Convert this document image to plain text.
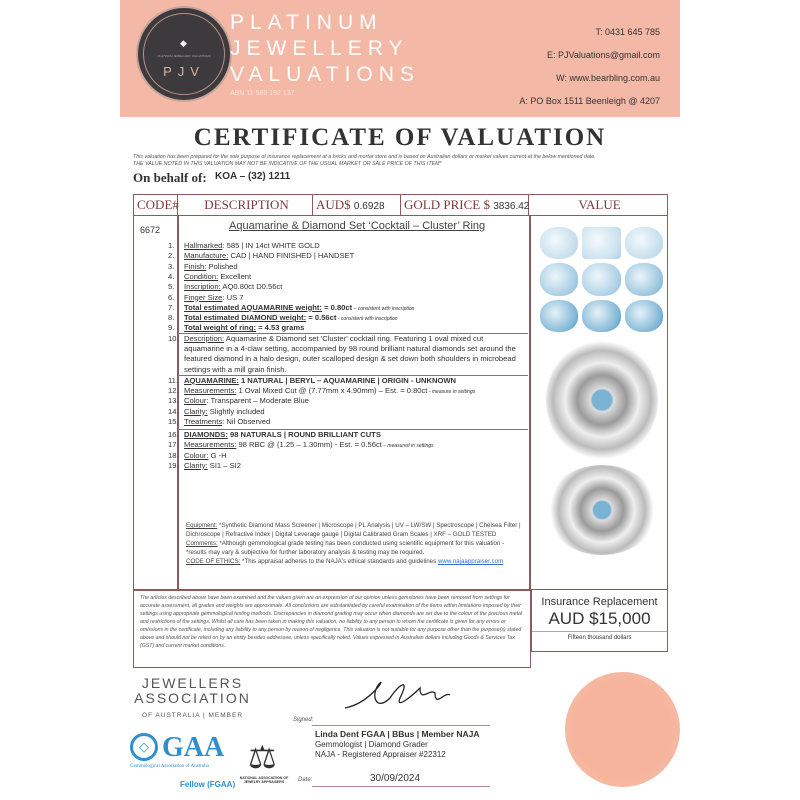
◆
PLATINUM JEWELLERY VALUATIONS
PJV
PLATINUM
JEWELLERY
VALUATIONS
ABN 11 588 192 137
T: 0431 645 785
E: PJValuations@gmail.com
W: www.bearbling.com.au
A: PO Box 1511 Beenleigh @ 4207
CERTIFICATE OF VALUATION
This valuation has been prepared for the sole purpose of insurance replacement at a bricks and mortar store and is based on Australian dollars or market values current at the below mentioned date.
THE VALUE NOTED IN THIS VALUATION MAY NOT BE INDICATIVE OF THE USUAL MARKET OR SALE PRICE OF THIS ITEM*
On behalf of: KOA – (32) 1211
CODE#	DESCRIPTION	AUD$ 0.6928	GOLD PRICE $ 3836.42	VALUE
6672	Aquamarine & Diamond Set ‘Cocktail – Cluster’ Ring
1. Hallmarked: 585 | IN 14ct WHITE GOLD
2. Manufacture: CAD | HAND FINISHED | HANDSET
3. Finish: Polished
4. Condition: Excellent
5. Inscription: AQ0.80ct D0.56ct
6. Finger Size: US 7
7. Total estimated AQUAMARINE weight: = 0.80ct – consistent with inscription
8. Total estimated DIAMOND weight: = 0.56ct - consistent with inscription
9. Total weight of ring: = 4.53 grams
10. Description: Aquamarine & Diamond set 'Cluster' cocktail ring. Featuring 1 oval mixed cut aquamarine in a 4-claw setting, accompanied by 98 round brilliant natural diamonds set around the featured diamond in a halo design, outer scalloped design & set down both shoulders in microbead settings with a mill grain finish.
11. AQUAMARINE: 1 NATURAL | BERYL – AQUAMARINE | ORIGIN - UNKNOWN
12. Measurements: 1 Oval Mixed Cut @ (7.77mm x 4.90mm) – Est. = 0.80ct - measure in settings
13. Colour: Transparent – Moderate Blue
14. Clarity: Slightly included
15. Treatments: Nil Observed
16. DIAMONDS: 98 NATURALS | ROUND BRILLIANT CUTS
17. Measurements: 98 RBC @ (1.25 – 1.30mm) - Est. = 0.56ct – measured in settings
18. Colour: G -H
19. Clarity: SI1 – SI2
Equipment: *Synthetic Diamond Mass Screener | Microscope | PL Analysis | UV – LW/SW | Spectroscope | Chelsea Filter | Dichroscope | Refractive Index | Digital Leverage gauge | Digital Calibrated Gram Scales | XRF – GOLD TESTED
Comments: *Although gemmological grade testing has been conducted using scientific equipment for this valuation - *results may vary & subjective for further laboratory analysis & testing may be required.
CODE OF ETHICS: *This appraisal adheres to the NAJA's ethical standards and guidelines www.najaappraiser.com
The articles described above have been examined and the values given are an expression of our opinion unless gemstones have been removed from settings for accurate assessment, all grades and weights are approximate. All conclusions are substantiated by careful examination of the items within limitations imposed by their settings using appropriate gemmological testing methods. Discrepancies in diamond grading may occur when diamonds are set due to the colour of the precious metal and restrictions of the settings. Whilst all care has been taken in making this valuation, no liability to any person to whom the certificate is given for any errors or omissions in the certificate, including any liability to any person by reason of negligence. This valuation is not suitable for any purpose other than the purpose(s) stated above and should not be relied on by an entity besides addressee, unless specifically noted. Values expressed in Australian dollars including Goods & Services Tax (GST) and current market conditions.
Insurance Replacement
AUD $15,000
Fifteen thousand dollars
JEWELLERS
ASSOCIATION
OF AUSTRALIA | MEMBER
◇ GAA
Gemmological Association of Australia
Fellow (FGAA)
⚖
NATIONAL ASSOCIATION OF JEWELRY APPRAISERS
Signed:
Linda Dent FGAA | BBus | Member NAJA
Gemmologist | Diamond Grader
NAJA - Registered Appraiser #22312
Date:	30/09/2024
